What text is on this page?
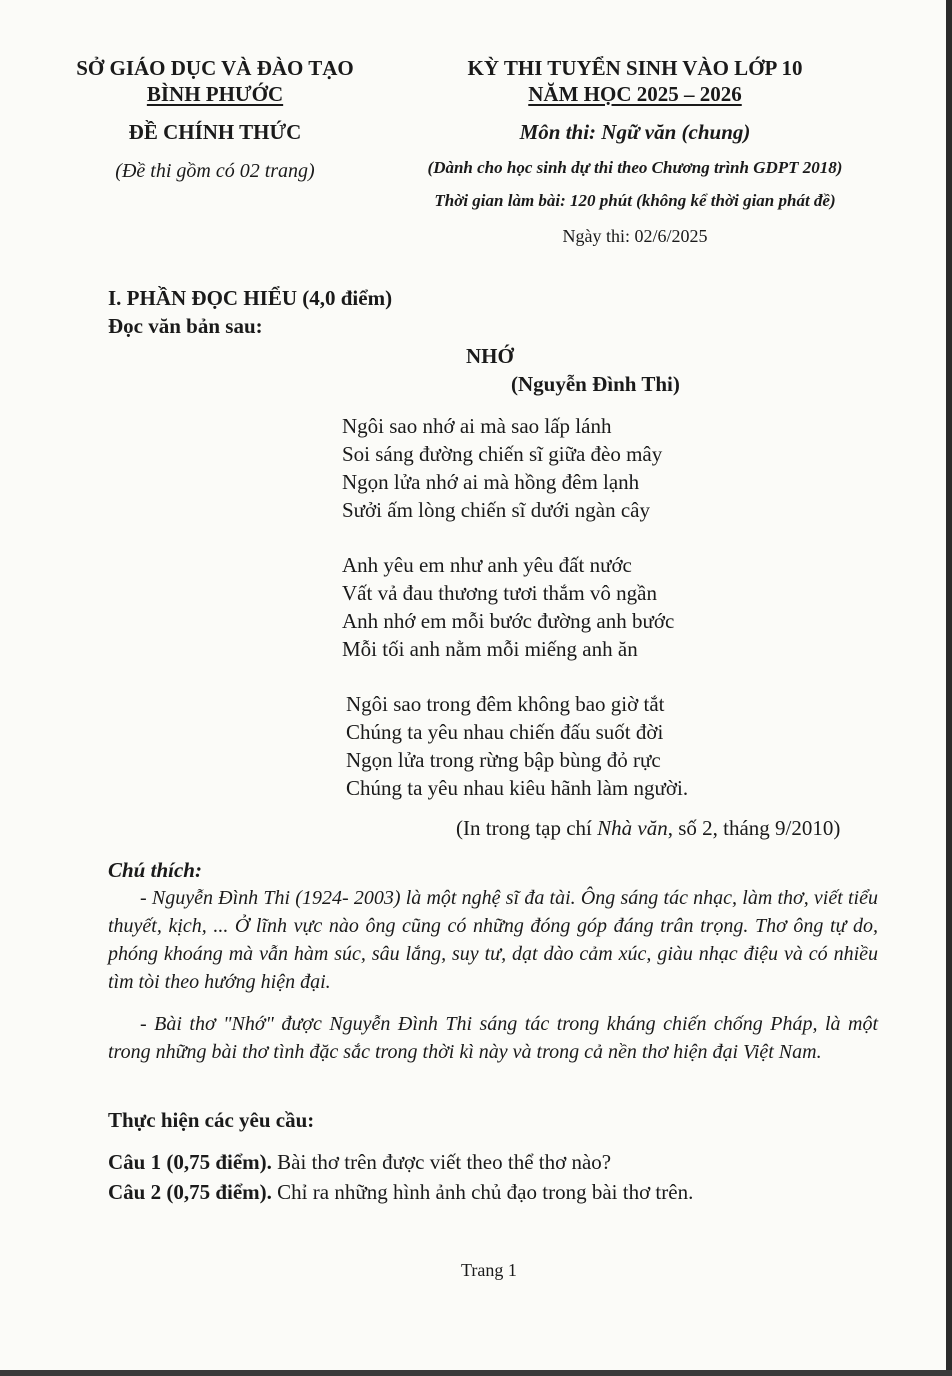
SỞ GIÁO DỤC VÀ ĐÀO TẠO
BÌNH PHƯỚC
ĐỀ CHÍNH THỨC
(Đề thi gồm có 02 trang)
KỲ THI TUYỂN SINH VÀO LỚP 10
NĂM HỌC 2025 – 2026
Môn thi: Ngữ văn (chung)
(Dành cho học sinh dự thi theo Chương trình GDPT 2018)
Thời gian làm bài: 120 phút (không kể thời gian phát đề)
Ngày thi: 02/6/2025
I. PHẦN ĐỌC HIỂU (4,0 điểm)
Đọc văn bản sau:
NHỚ
(Nguyễn Đình Thi)
Ngôi sao nhớ ai mà sao lấp lánh
Soi sáng đường chiến sĩ giữa đèo mây
Ngọn lửa nhớ ai mà hồng đêm lạnh
Sưởi ấm lòng chiến sĩ dưới ngàn cây
Anh yêu em như anh yêu đất nước
Vất vả đau thương tươi thắm vô ngần
Anh nhớ em mỗi bước đường anh bước
Mỗi tối anh nằm mỗi miếng anh ăn
Ngôi sao trong đêm không bao giờ tắt
Chúng ta yêu nhau chiến đấu suốt đời
Ngọn lửa trong rừng bập bùng đỏ rực
Chúng ta yêu nhau kiêu hãnh làm người.
(In trong tạp chí Nhà văn, số 2, tháng 9/2010)
Chú thích:
- Nguyễn Đình Thi (1924- 2003) là một nghệ sĩ đa tài. Ông sáng tác nhạc, làm thơ, viết tiểu thuyết, kịch, ... Ở lĩnh vực nào ông cũng có những đóng góp đáng trân trọng. Thơ ông tự do, phóng khoáng mà vẫn hàm súc, sâu lắng, suy tư, dạt dào cảm xúc, giàu nhạc điệu và có nhiều tìm tòi theo hướng hiện đại.
- Bài thơ "Nhớ" được Nguyễn Đình Thi sáng tác trong kháng chiến chống Pháp, là một trong những bài thơ tình đặc sắc trong thời kì này và trong cả nền thơ hiện đại Việt Nam.
Thực hiện các yêu cầu:
Câu 1 (0,75 điểm). Bài thơ trên được viết theo thể thơ nào?
Câu 2 (0,75 điểm). Chỉ ra những hình ảnh chủ đạo trong bài thơ trên.
Trang 1
